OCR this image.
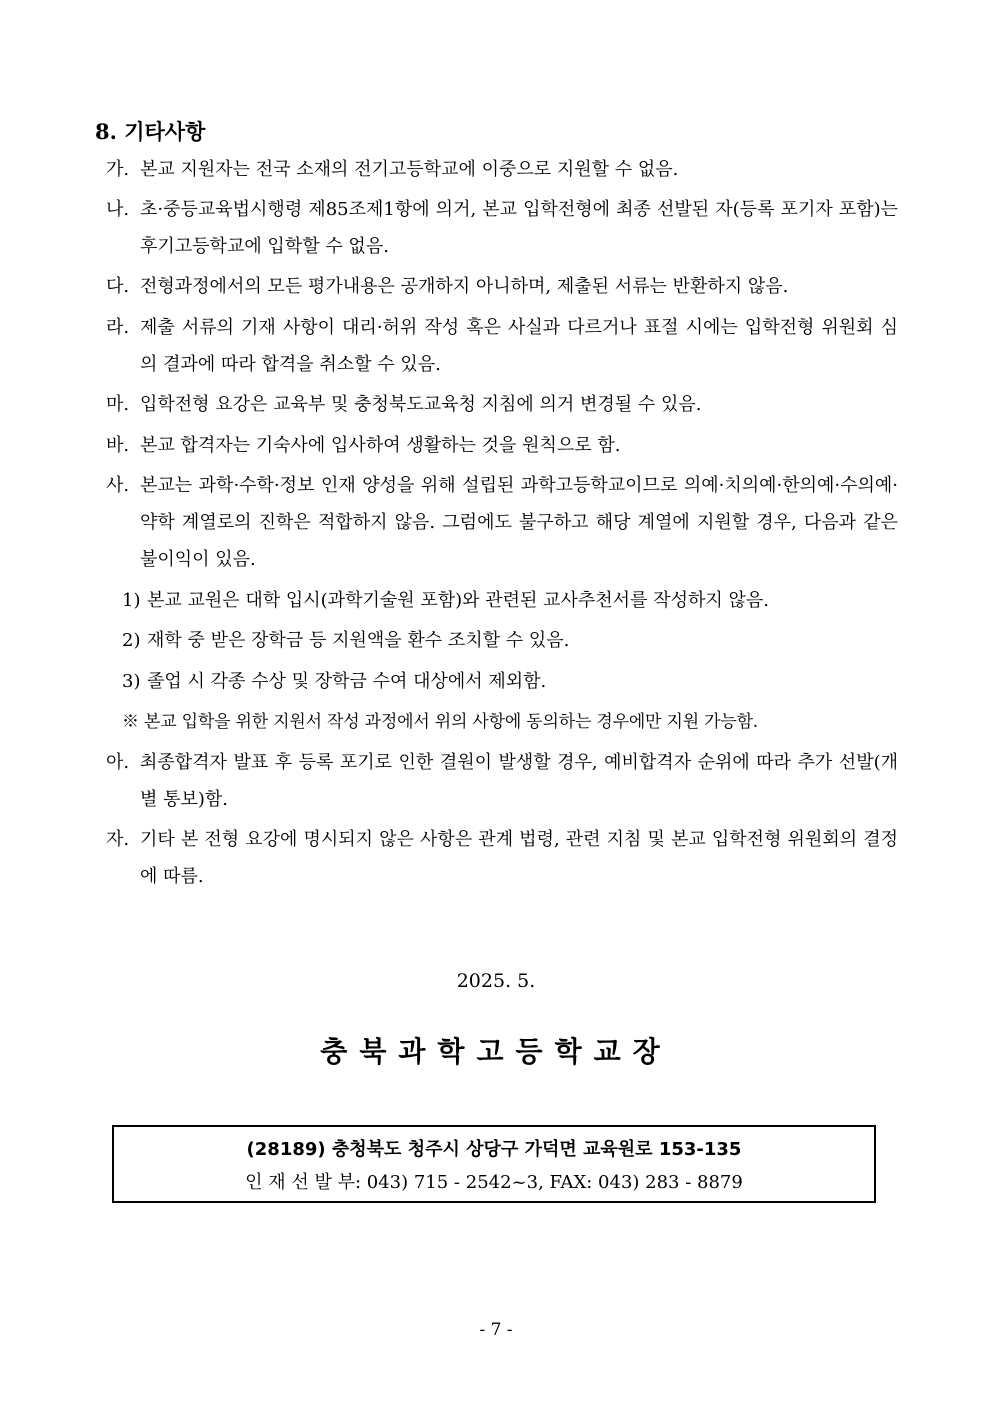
8. 기타사항
가. 본교 지원자는 전국 소재의 전기고등학교에 이중으로 지원할 수 없음.
나. 초·중등교육법시행령 제85조제1항에 의거, 본교 입학전형에 최종 선발된 자(등록 포기자 포함)는 후기고등학교에 입학할 수 없음.
다. 전형과정에서의 모든 평가내용은 공개하지 아니하며, 제출된 서류는 반환하지 않음.
라. 제출 서류의 기재 사항이 대리·허위 작성 혹은 사실과 다르거나 표절 시에는 입학전형 위원회 심의 결과에 따라 합격을 취소할 수 있음.
마. 입학전형 요강은 교육부 및 충청북도교육청 지침에 의거 변경될 수 있음.
바. 본교 합격자는 기숙사에 입사하여 생활하는 것을 원칙으로 함.
사. 본교는 과학·수학·정보 인재 양성을 위해 설립된 과학고등학교이므로 의예·치의예·한의예·수의예·약학 계열로의 진학은 적합하지 않음. 그럼에도 불구하고 해당 계열에 지원할 경우, 다음과 같은 불이익이 있음.
1) 본교 교원은 대학 입시(과학기술원 포함)와 관련된 교사추천서를 작성하지 않음.
2) 재학 중 받은 장학금 등 지원액을 환수 조치할 수 있음.
3) 졸업 시 각종 수상 및 장학금 수여 대상에서 제외함.
※ 본교 입학을 위한 지원서 작성 과정에서 위의 사항에 동의하는 경우에만 지원 가능함.
아. 최종합격자 발표 후 등록 포기로 인한 결원이 발생할 경우, 예비합격자 순위에 따라 추가 선발(개별 통보)함.
자. 기타 본 전형 요강에 명시되지 않은 사항은 관계 법령, 관련 지침 및 본교 입학전형 위원회의 결정에 따름.
2025. 5.
충북과학고등학교장
(28189) 충청북도 청주시 상당구 가덕면 교육원로 153-135
인 재 선 발 부: 043) 715 - 2542~3, FAX: 043) 283 - 8879
- 7 -
